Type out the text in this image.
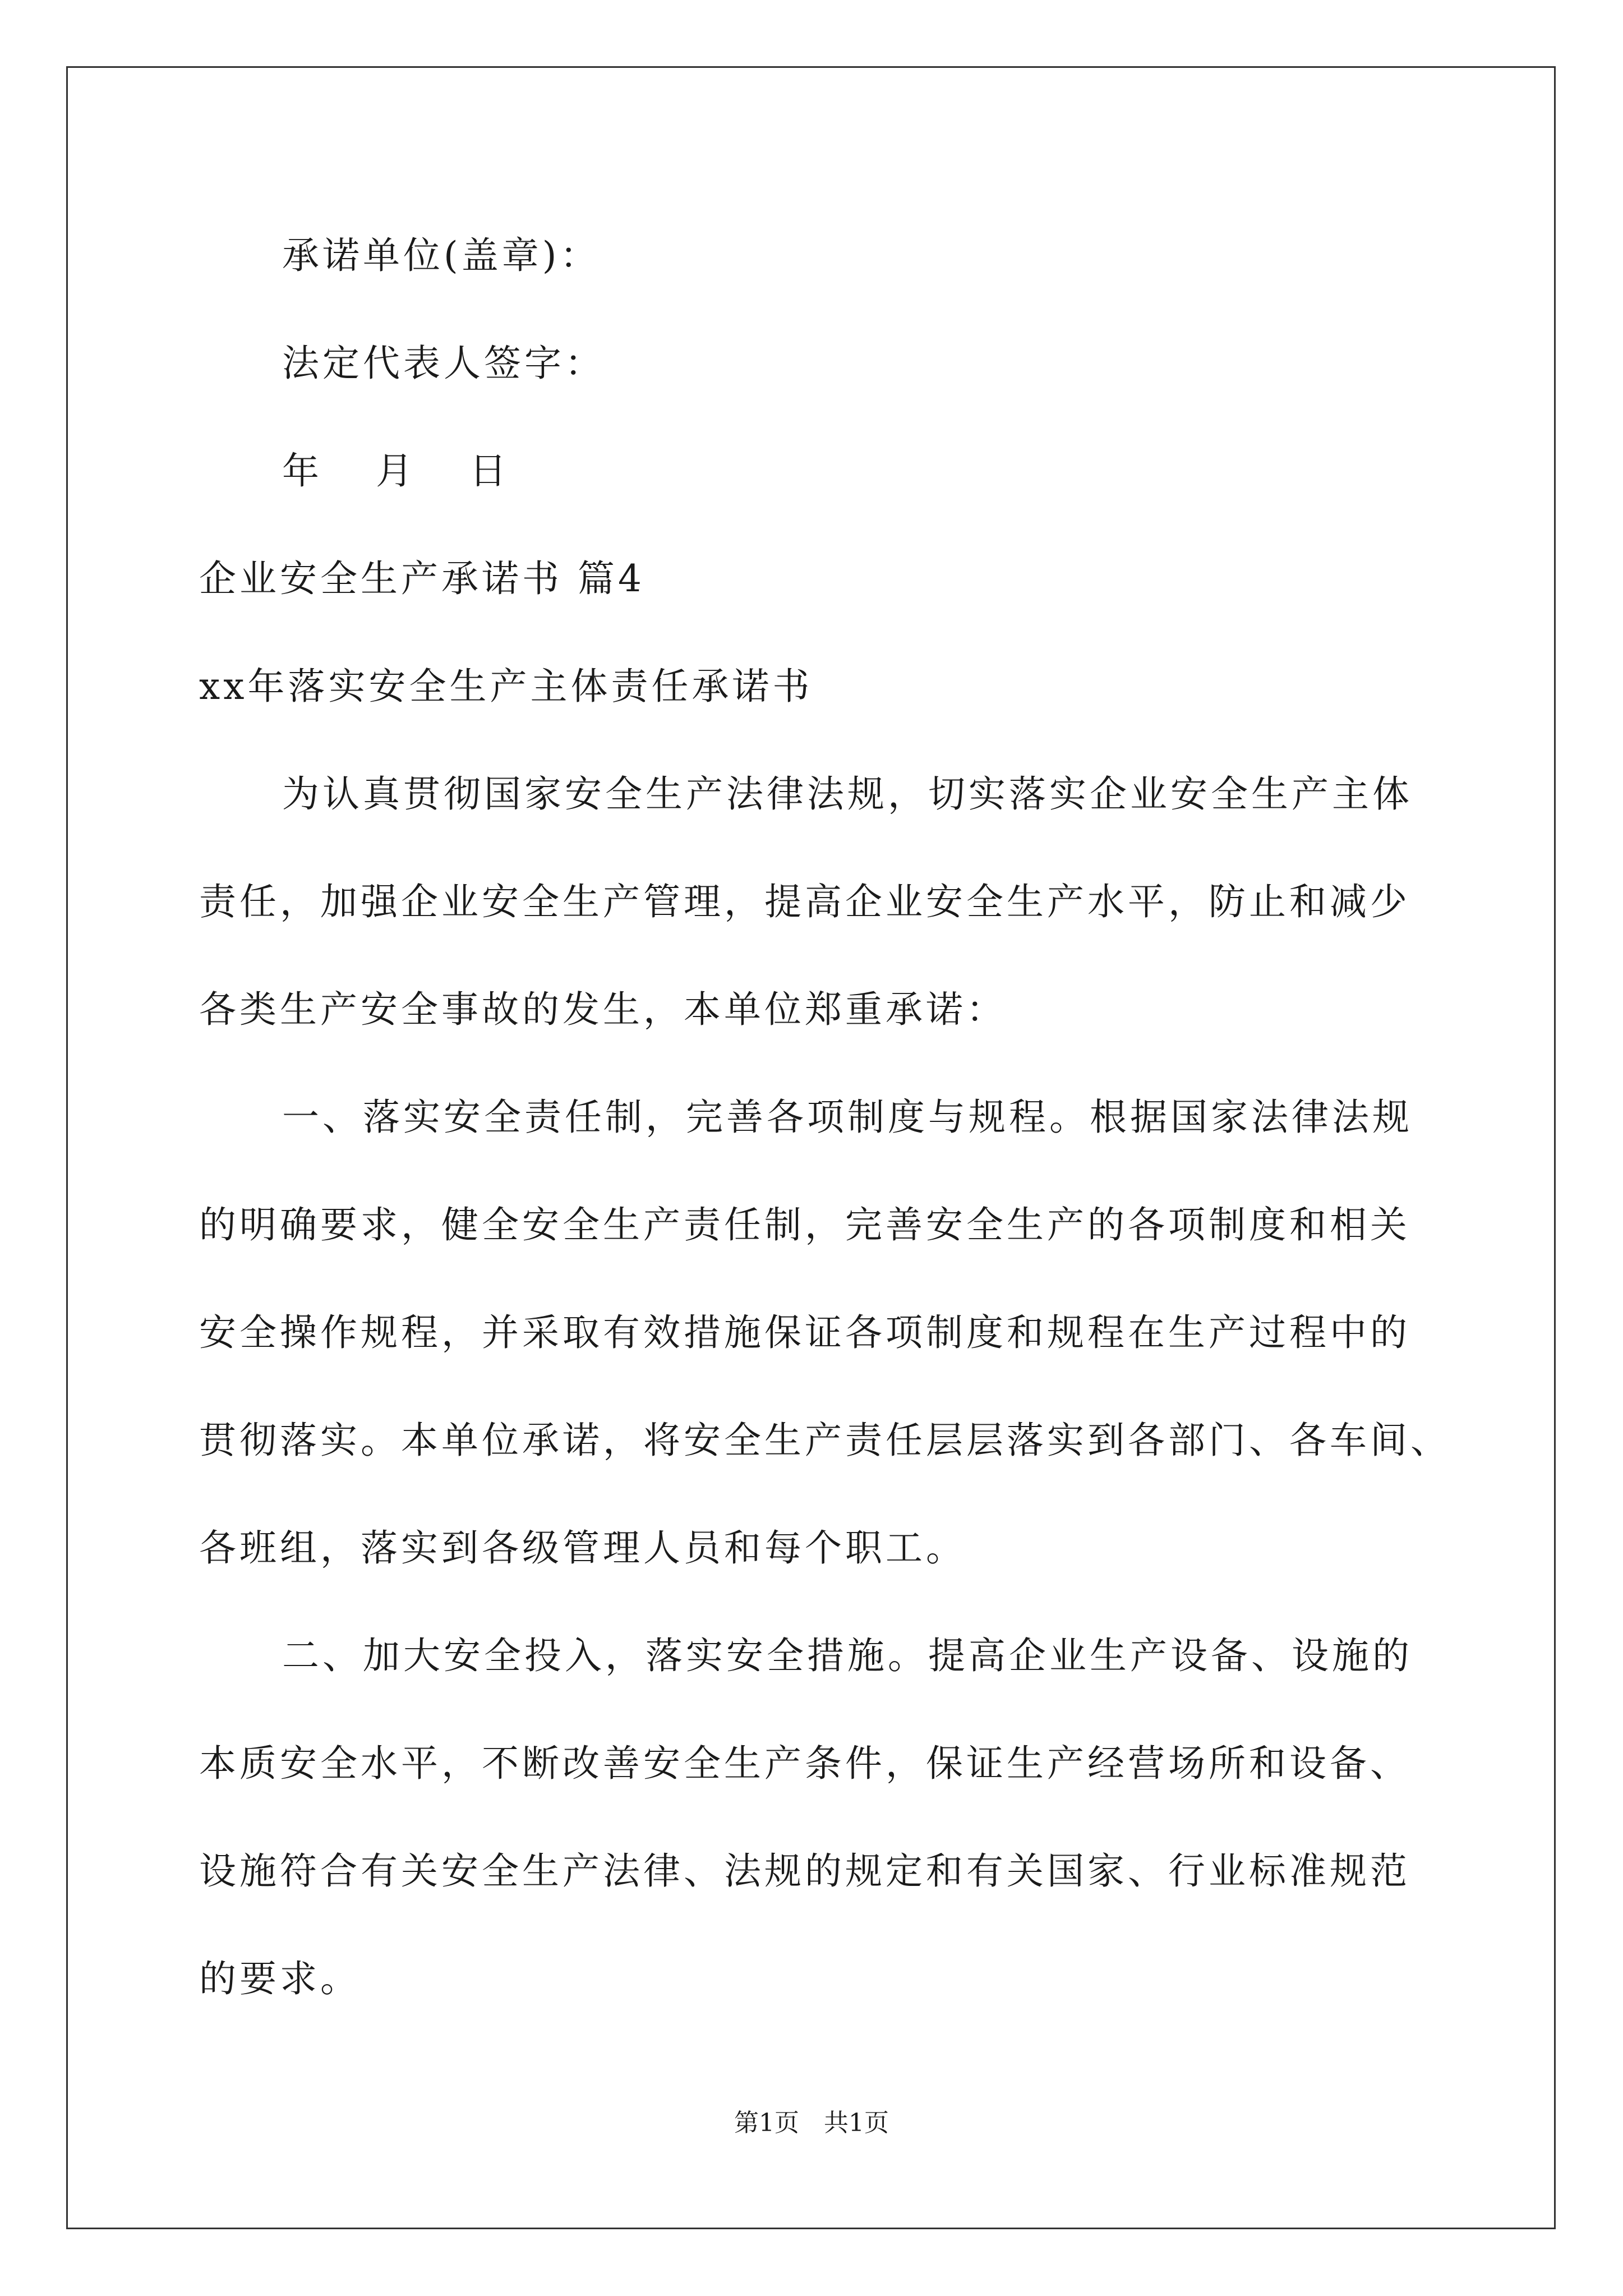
承诺单位(盖章)：
法定代表人签字：
年 月 日
企业安全生产承诺书 篇4
xx年落实安全生产主体责任承诺书
为认真贯彻国家安全生产法律法规，切实落实企业安全生产主体
责任，加强企业安全生产管理，提高企业安全生产水平，防止和减少
各类生产安全事故的发生，本单位郑重承诺：
一、落实安全责任制，完善各项制度与规程。根据国家法律法规
的明确要求，健全安全生产责任制，完善安全生产的各项制度和相关
安全操作规程，并采取有效措施保证各项制度和规程在生产过程中的
贯彻落实。本单位承诺，将安全生产责任层层落实到各部门、各车间、
各班组，落实到各级管理人员和每个职工。
二、加大安全投入，落实安全措施。提高企业生产设备、设施的
本质安全水平，不断改善安全生产条件，保证生产经营场所和设备、
设施符合有关安全生产法律、法规的规定和有关国家、行业标准规范
的要求。
第1页　共1页
